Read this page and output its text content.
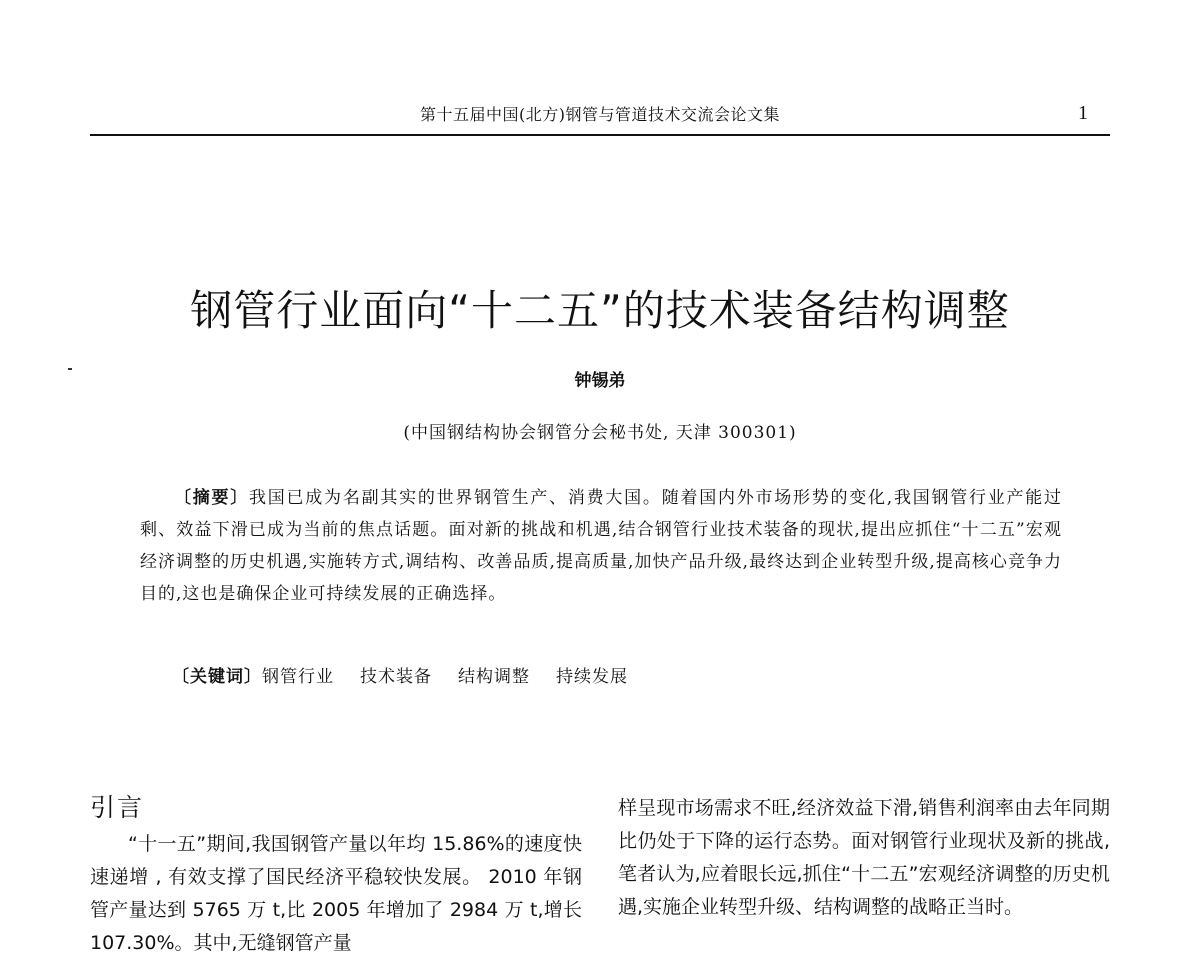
第十五届中国(北方)钢管与管道技术交流会论文集	1
钢管行业面向“十二五”的技术装备结构调整
钟锡弟
(中国钢结构协会钢管分会秘书处, 天津 300301)

〔摘要〕我国已成为名副其实的世界钢管生产、消费大国。随着国内外市场形势的变化,我国钢管行业产能过剩、效益下滑已成为当前的焦点话题。面对新的挑战和机遇,结合钢管行业技术装备的现状,提出应抓住“十二五”宏观经济调整的历史机遇,实施转方式,调结构、改善品质,提高质量,加快产品升级,最终达到企业转型升级,提高核心竞争力目的,这也是确保企业可持续发展的正确选择。

〔关键词〕钢管行业 技术装备 结构调整 持续发展
引言

“十一五”期间,我国钢管产量以年均 15.86%的速度快速递增 , 有效支撑了国民经济平稳较快发展。 2010 年钢管产量达到 5765 万 t,比 2005 年增加了 2984 万 t,增长 107.30%。其中,无缝钢管产量

样呈现市场需求不旺,经济效益下滑,销售利润率由去年同期比仍处于下降的运行态势。面对钢管行业现状及新的挑战,笔者认为,应着眼长远,抓住“十二五”宏观经济调整的历史机遇,实施企业转型升级、结构调整的战略正当时。
